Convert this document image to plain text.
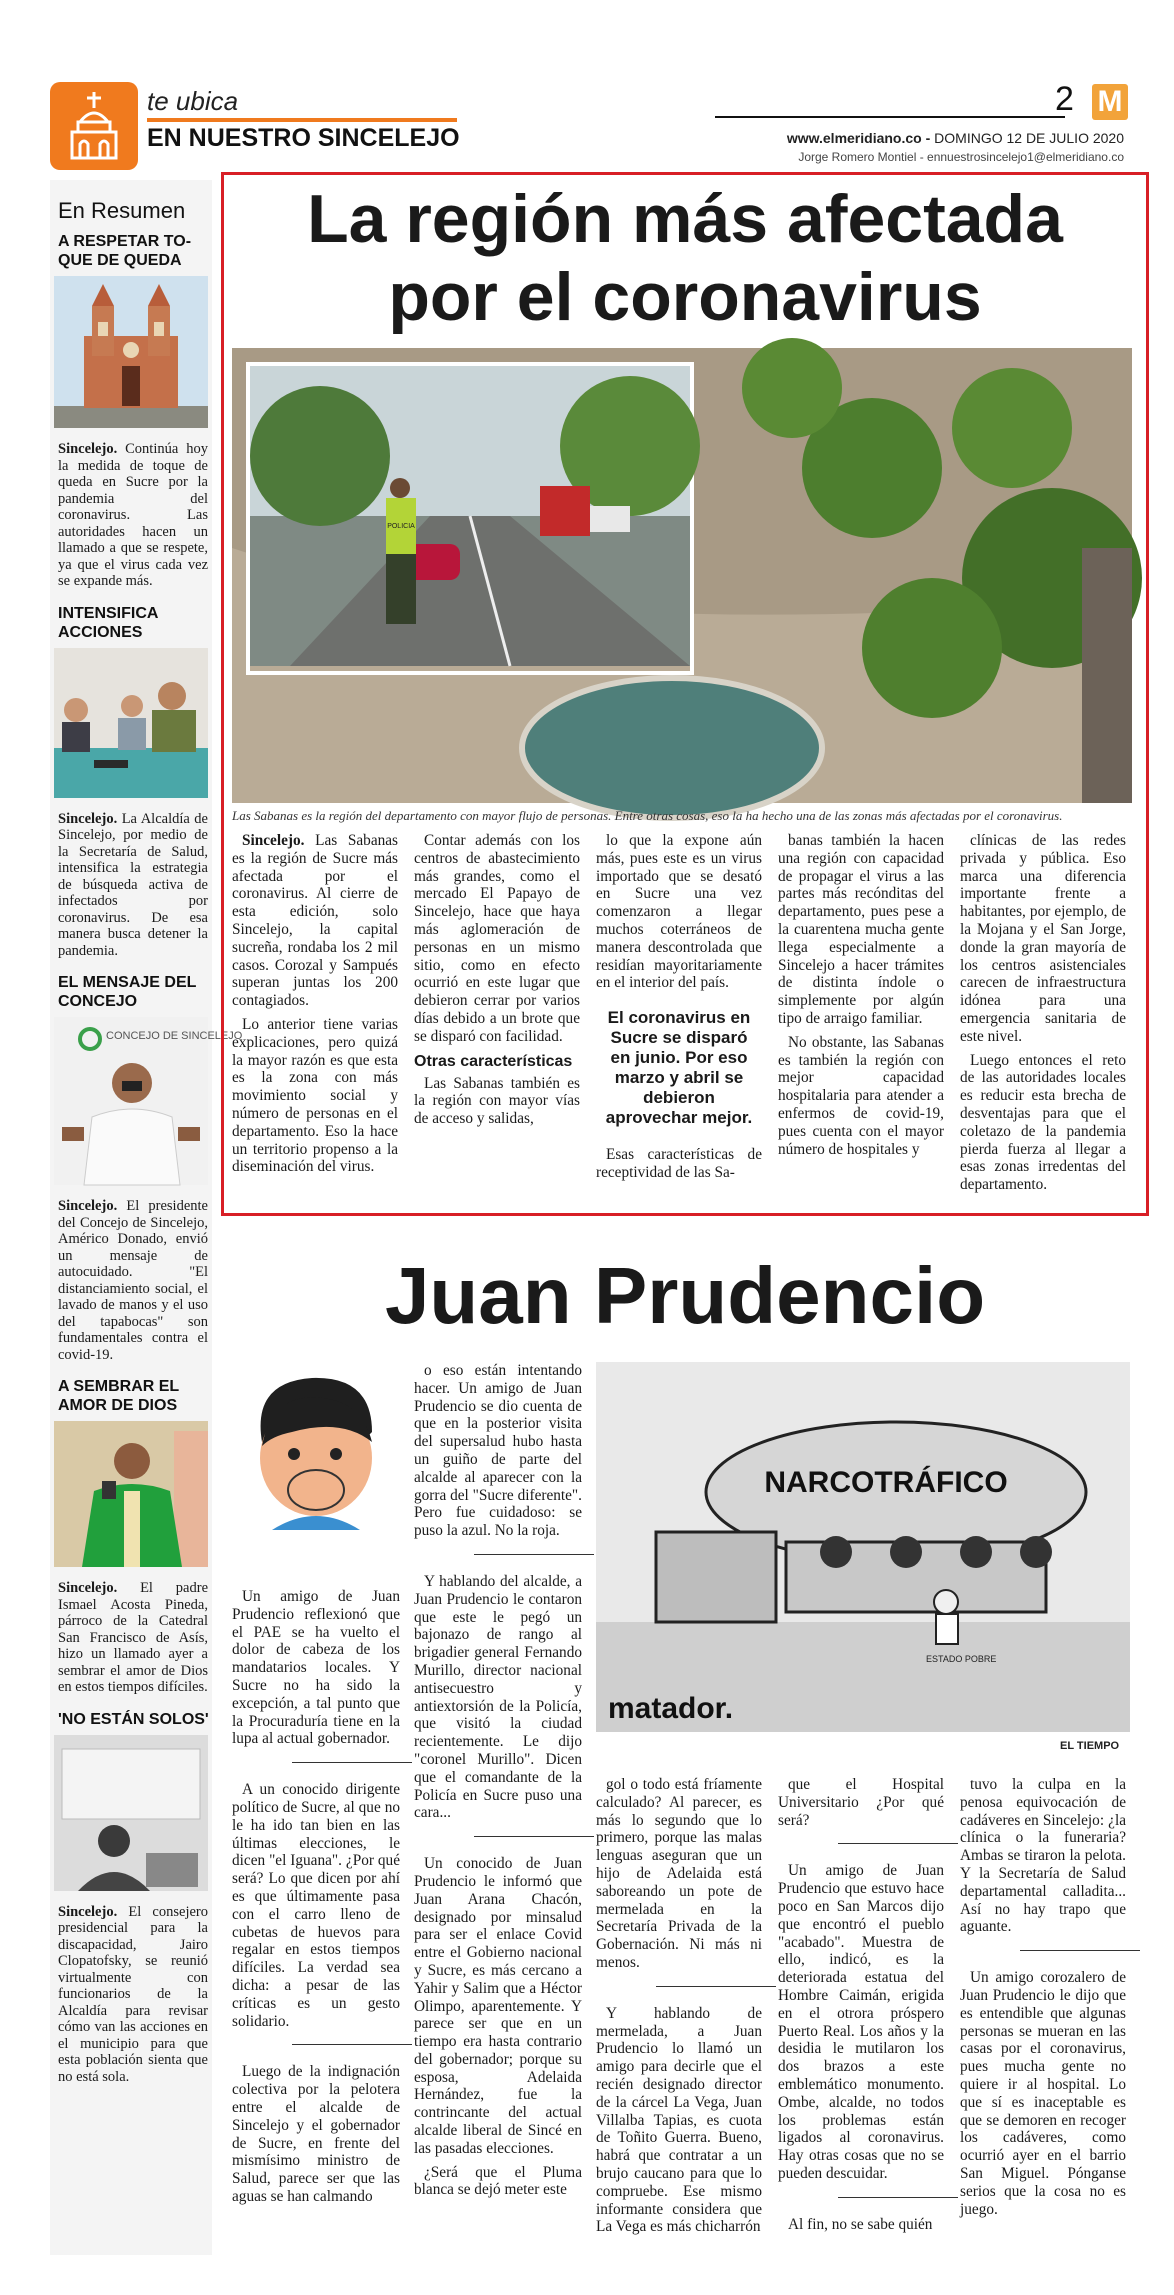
te ubica
EN NUESTRO SINCELEJO
2 M
www.elmeridiano.co - DOMINGO 12 DE JULIO 2020
Jorge Romero Montiel - ennuestrosincelejo1@elmeridiano.co
En Resumen
A RESPETAR TO-QUE DE QUEDA
Sincelejo. Continúa hoy la medida de toque de queda en Sucre por la pandemia del coronavirus. Las autoridades hacen un llamado a que se respete, ya que el virus cada vez se expande más.
INTENSIFICA ACCIONES
Sincelejo. La Alcaldía de Sincelejo, por medio de la Secretaría de Salud, intensifica la estrategia de búsqueda activa de infectados por coronavirus. De esa manera busca detener la pandemia.
EL MENSAJE DEL CONCEJO
CONCEJO DE SINCELEJO
Sincelejo. El presidente del Concejo de Sincelejo, Américo Donado, envió un mensaje de autocuidado. "El distanciamiento social, el lavado de manos y el uso del tapabocas" son fundamentales contra el covid-19.
A SEMBRAR EL AMOR DE DIOS
Sincelejo. El padre Ismael Acosta Pineda, párroco de la Catedral San Francisco de Asís, hizo un llamado ayer a sembrar el amor de Dios en estos tiempos difíciles.
'NO ESTÁN SOLOS'
Sincelejo. El consejero presidencial para la discapacidad, Jairo Clopatofsky, se reunió virtualmente con funcionarios de la Alcaldía para revisar cómo van las acciones en el municipio para que esta población sienta que no está sola.
La región más afectada
por el coronavirus
POLICIA
Las Sabanas es la región del departamento con mayor flujo de personas. Entre otras cosas, eso la ha hecho una de las zonas más afectadas por el coronavirus.

Sincelejo. Las Sabanas es la región de Sucre más afectada por el coronavirus. Al cierre de esta edición, solo Sincelejo, la capital sucreña, rondaba los 2 mil casos. Corozal y Sampués superan juntas los 200 contagiados.

Lo anterior tiene varias explicaciones, pero quizá la mayor razón es que esta es la zona con más movimiento social y número de personas en el departamento. Eso la hace un territorio propenso a la diseminación del virus.

Contar además con los centros de abastecimiento más grandes, como el mercado El Papayo de Sincelejo, hace que haya más aglomeración de personas en un mismo sitio, como en efecto ocurrió en este lugar que debieron cerrar por varios días debido a un brote que se disparó con facilidad.

Otras características

Las Sabanas también es la región con mayor vías de acceso y salidas,

lo que la expone aún más, pues este es un virus importado que se desató en Sucre una vez comenzaron a llegar muchos coterráneos de manera descontrolada que residían mayoritariamente en el interior del país.

El coronavirus en Sucre se disparó en junio. Por eso marzo y abril se debieron aprovechar mejor.

Esas características de receptividad de las Sa-

banas también la hacen una región con capacidad de propagar el virus a las partes más recónditas del departamento, pues pese a la cuarentena mucha gente llega especialmente a Sincelejo a hacer trámites de distinta índole o simplemente por algún tipo de arraigo familiar.

No obstante, las Sabanas es también la región con mejor capacidad hospitalaria para atender a enfermos de covid-19, pues cuenta con el mayor número de hospitales y

clínicas de las redes privada y pública. Eso marca una diferencia importante frente a habitantes, por ejemplo, de la Mojana y el San Jorge, donde la gran mayoría de los centros asistenciales carecen de infraestructura idónea para una emergencia sanitaria de este nivel.

Luego entonces el reto de las autoridades locales es reducir esta brecha de desventajas para que el coletazo de la pandemia pierda fuerza al llegar a esas zonas irredentas del departamento.

Juan Prudencio
NARCOTRÁFICO
ESTADO POBRE
matador.
EL TIEMPO

Un amigo de Juan Prudencio reflexionó que el PAE se ha vuelto el dolor de cabeza de los mandatarios locales. Y Sucre no ha sido la excepción, a tal punto que la Procuraduría tiene en la lupa al actual gobernador.

A un conocido dirigente político de Sucre, al que no le ha ido tan bien en las últimas elecciones, le dicen "el Iguana". ¿Por qué será? Lo que dicen por ahí es que últimamente pasa con el carro lleno de cubetas de huevos para regalar en estos tiempos difíciles. La verdad sea dicha: a pesar de las críticas es un gesto solidario.

Luego de la indignación colectiva por la pelotera entre el alcalde de Sincelejo y el gobernador de Sucre, en frente del mismísimo ministro de Salud, parece ser que las aguas se han calmando

o eso están intentando hacer. Un amigo de Juan Prudencio se dio cuenta de que en la posterior visita del supersalud hubo hasta un guiño de parte del alcalde al aparecer con la gorra del "Sucre diferente". Pero fue cuidadoso: se puso la azul. No la roja.

Y hablando del alcalde, a Juan Prudencio le contaron que este le pegó un bajonazo de rango al brigadier general Fernando Murillo, director nacional antisecuestro y antiextorsión de la Policía, que visitó la ciudad recientemente. Le dijo "coronel Murillo". Dicen que el comandante de la Policía en Sucre puso una cara...

Un conocido de Juan Prudencio le informó que Juan Arana Chacón, designado por minsalud para ser el enlace Covid entre el Gobierno nacional y Sucre, es más cercano a Yahir y Salim que a Héctor Olimpo, aparentemente. Y parece ser que en un tiempo era hasta contrario del gobernador; porque su esposa, Adelaida Hernández, fue la contrincante del actual alcalde liberal de Sincé en las pasadas elecciones.

¿Será que el Pluma blanca se dejó meter este

gol o todo está fríamente calculado? Al parecer, es más lo segundo que lo primero, porque las malas lenguas aseguran que un hijo de Adelaida está saboreando un pote de mermelada en la Secretaría Privada de la Gobernación. Ni más ni menos.

Y hablando de mermelada, a Juan Prudencio lo llamó un amigo para decirle que el recién designado director de la cárcel La Vega, Juan Villalba Tapias, es cuota de Toñito Guerra. Bueno, habrá que contratar a un brujo caucano para que lo compruebe. Ese mismo informante considera que La Vega es más chicharrón

que el Hospital Universitario ¿Por qué será?

Un amigo de Juan Prudencio que estuvo hace poco en San Marcos dijo que encontró el pueblo "acabado". Muestra de ello, indicó, es la deteriorada estatua del Hombre Caimán, erigida en el otrora próspero Puerto Real. Los años y la desidia le mutilaron los dos brazos a este emblemático monumento. Ombe, alcalde, no todos los problemas están ligados al coronavirus. Hay otras cosas que no se pueden descuidar.

Al fin, no se sabe quién

tuvo la culpa en la penosa equivocación de cadáveres en Sincelejo: ¿la clínica o la funeraria? Ambas se tiraron la pelota. Y la Secretaría de Salud departamental calladita... Así no hay trapo que aguante.

Un amigo corozalero de Juan Prudencio le dijo que es entendible que algunas personas se mueran en las casas por el coronavirus, pues mucha gente no quiere ir al hospital. Lo que sí es inaceptable es que se demoren en recoger los cadáveres, como ocurrió ayer en el barrio San Miguel. Pónganse serios que la cosa no es juego.
